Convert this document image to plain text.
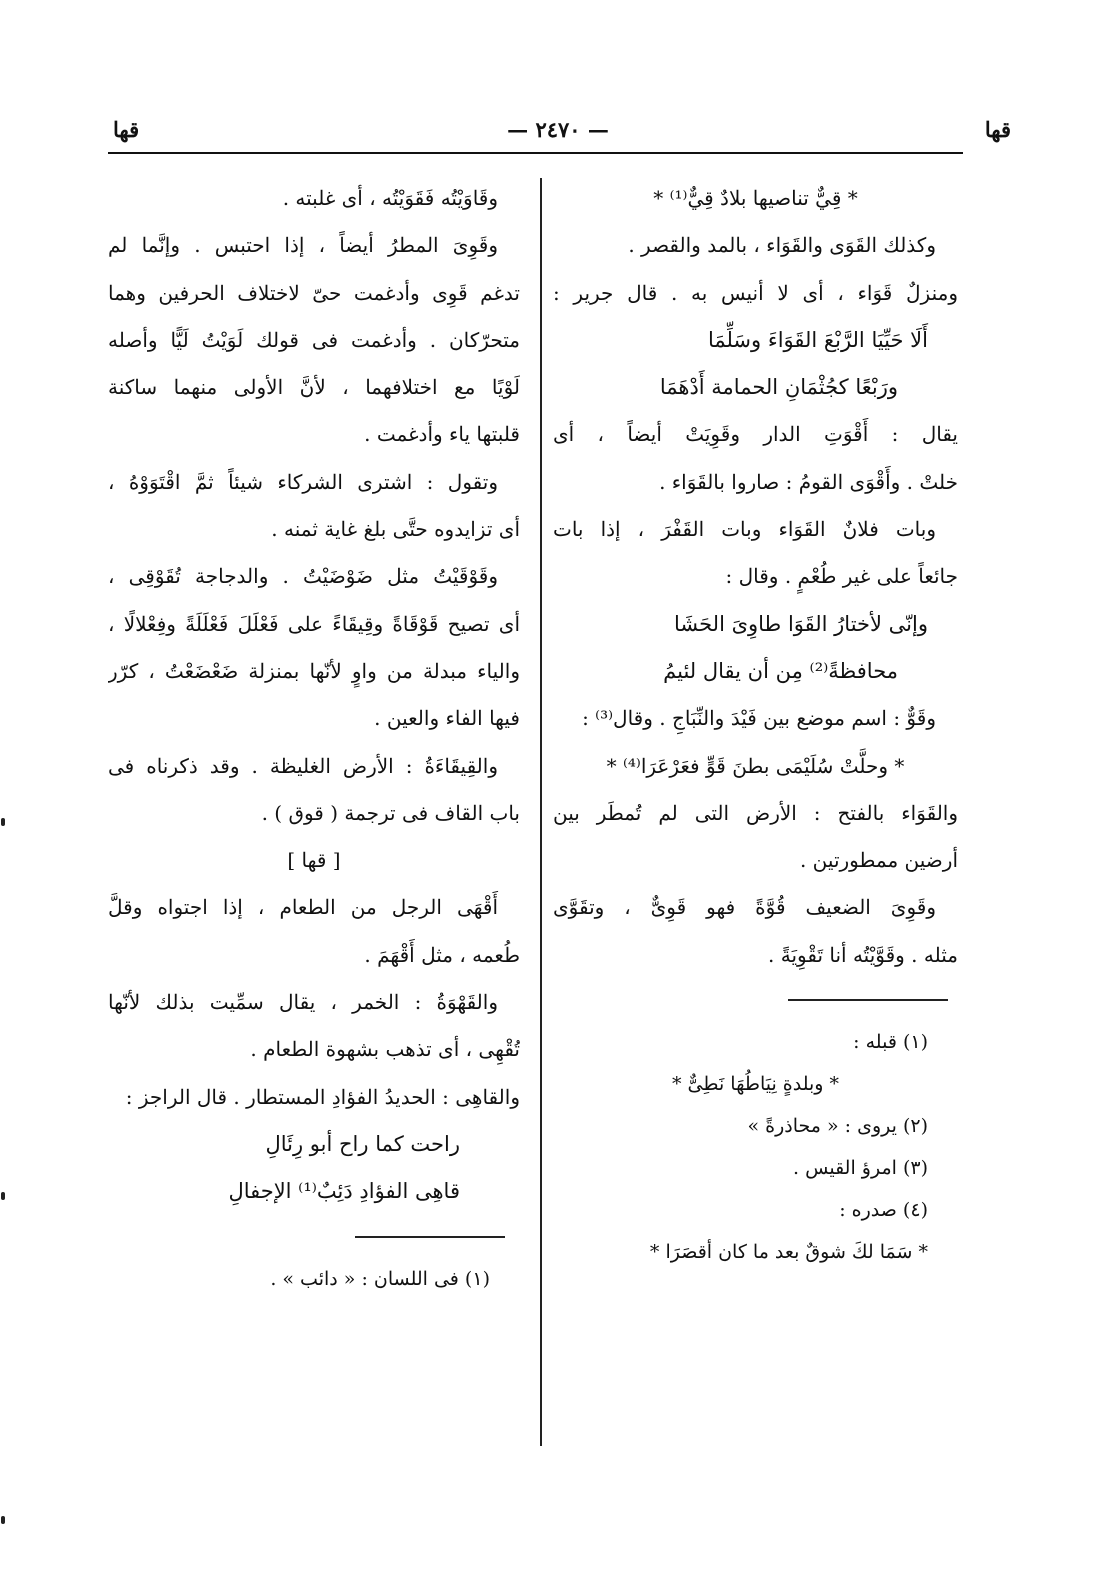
قها	— ٢٤٧٠ —	قها
* قِيٌّ تناصيها بلادٌ قِيٌّ⁽¹⁾ *
وكذلك القَوَى والقَوَاء ، بالمد والقصر .
ومنزلٌ قَوَاء ، أى لا أنيس به . قال جرير :
أَلَا حَيِّيَا الرَّبْعَ القَوَاءَ وسَلِّمَا
ورَبْعًا كجُثْمَانِ الحمامة أَدْهَمَا
يقال : أَقْوَتِ الدار وقَوِيَتْ أيضاً ، أى
خلتْ . وأَقْوَى القومُ : صاروا بالقَوَاء .
وبات فلانٌ القَوَاء وبات القَفْرَ ، إذا بات
جائعاً على غير طُعْمٍ . وقال :
وإنّى لأختارُ القَوَا طاوِىَ الحَشَا
محافظةً⁽²⁾ مِن أن يقال لئيمُ
وقَوٌّ : اسم موضع بين فَيْدَ والنِّبَاجِ . وقال⁽³⁾ :
* وحلَّتْ سُلَيْمَى بطنَ قَوٍّ فعَرْعَرَا⁽⁴⁾ *
والقَوَاء بالفتح : الأرض التى لم تُمطَر بين
أرضين ممطورتين .
وقَوِىَ الضعيف قُوَّةً فهو قَوِىٌّ ، وتقَوَّى
مثله . وقَوَّيْتُه أنا تَقْوِيَةً .
(١) قبله :
* وبلدةٍ نِيَاطُهَا نَطِىٌّ *
(٢) يروى : « محاذرةً »
(٣) امرؤ القيس .
(٤) صدره :
* سَمَا لكَ شوقٌ بعد ما كان أقصَرَا *
وقَاوَيْتُه فَقَوَيْتُه ، أى غلبته .
وقَوِىَ المطرُ أيضاً ، إذا احتبس . وإنَّما لم
تدغم قَوِى وأدغمت حىّ لاختلاف الحرفين وهما
متحرّكان . وأدغمت فى قولك لَوَيْتُ لَيًّا وأصله
لَوْيًا مع اختلافهما ، لأنَّ الأولى منهما ساكنة
قلبتها ياء وأدغمت .
وتقول : اشترى الشركاء شيئاً ثمَّ اقْتَوَوْهُ ،
أى تزايدوه حتَّى بلغ غاية ثمنه .
وقَوْقَيْتُ مثل ضَوْضَيْتُ . والدجاجة تُقَوْقِى ،
أى تصيح قَوْقَاةً وقِيقَاءً على فَعْلَلَ فَعْلَلَةً وفِعْلالًا ،
والياء مبدلة من واوٍ لأنّها بمنزلة ضَعْضَعْتُ ، كرّر
فيها الفاء والعين .
والقِيقَاءَةُ : الأرض الغليظة . وقد ذكرناه فى
باب القاف فى ترجمة ( قوق ) .
[ قها ]
أَقْهَى الرجل من الطعام ، إذا اجتواه وقلَّ
طُعمه ، مثل أَقْهَمَ .
والقَهْوَةُ : الخمر ، يقال سمِّيت بذلك لأنّها
تُقْهِى ، أى تذهب بشهوة الطعام .
والقاهِى : الحديدُ الفؤادِ المستطار . قال الراجز :
راحت كما راح أبو رِئَالِ
قاهِى الفؤادِ دَئِبٌ⁽¹⁾ الإجفالِ
(١) فى اللسان : « دائب » .
